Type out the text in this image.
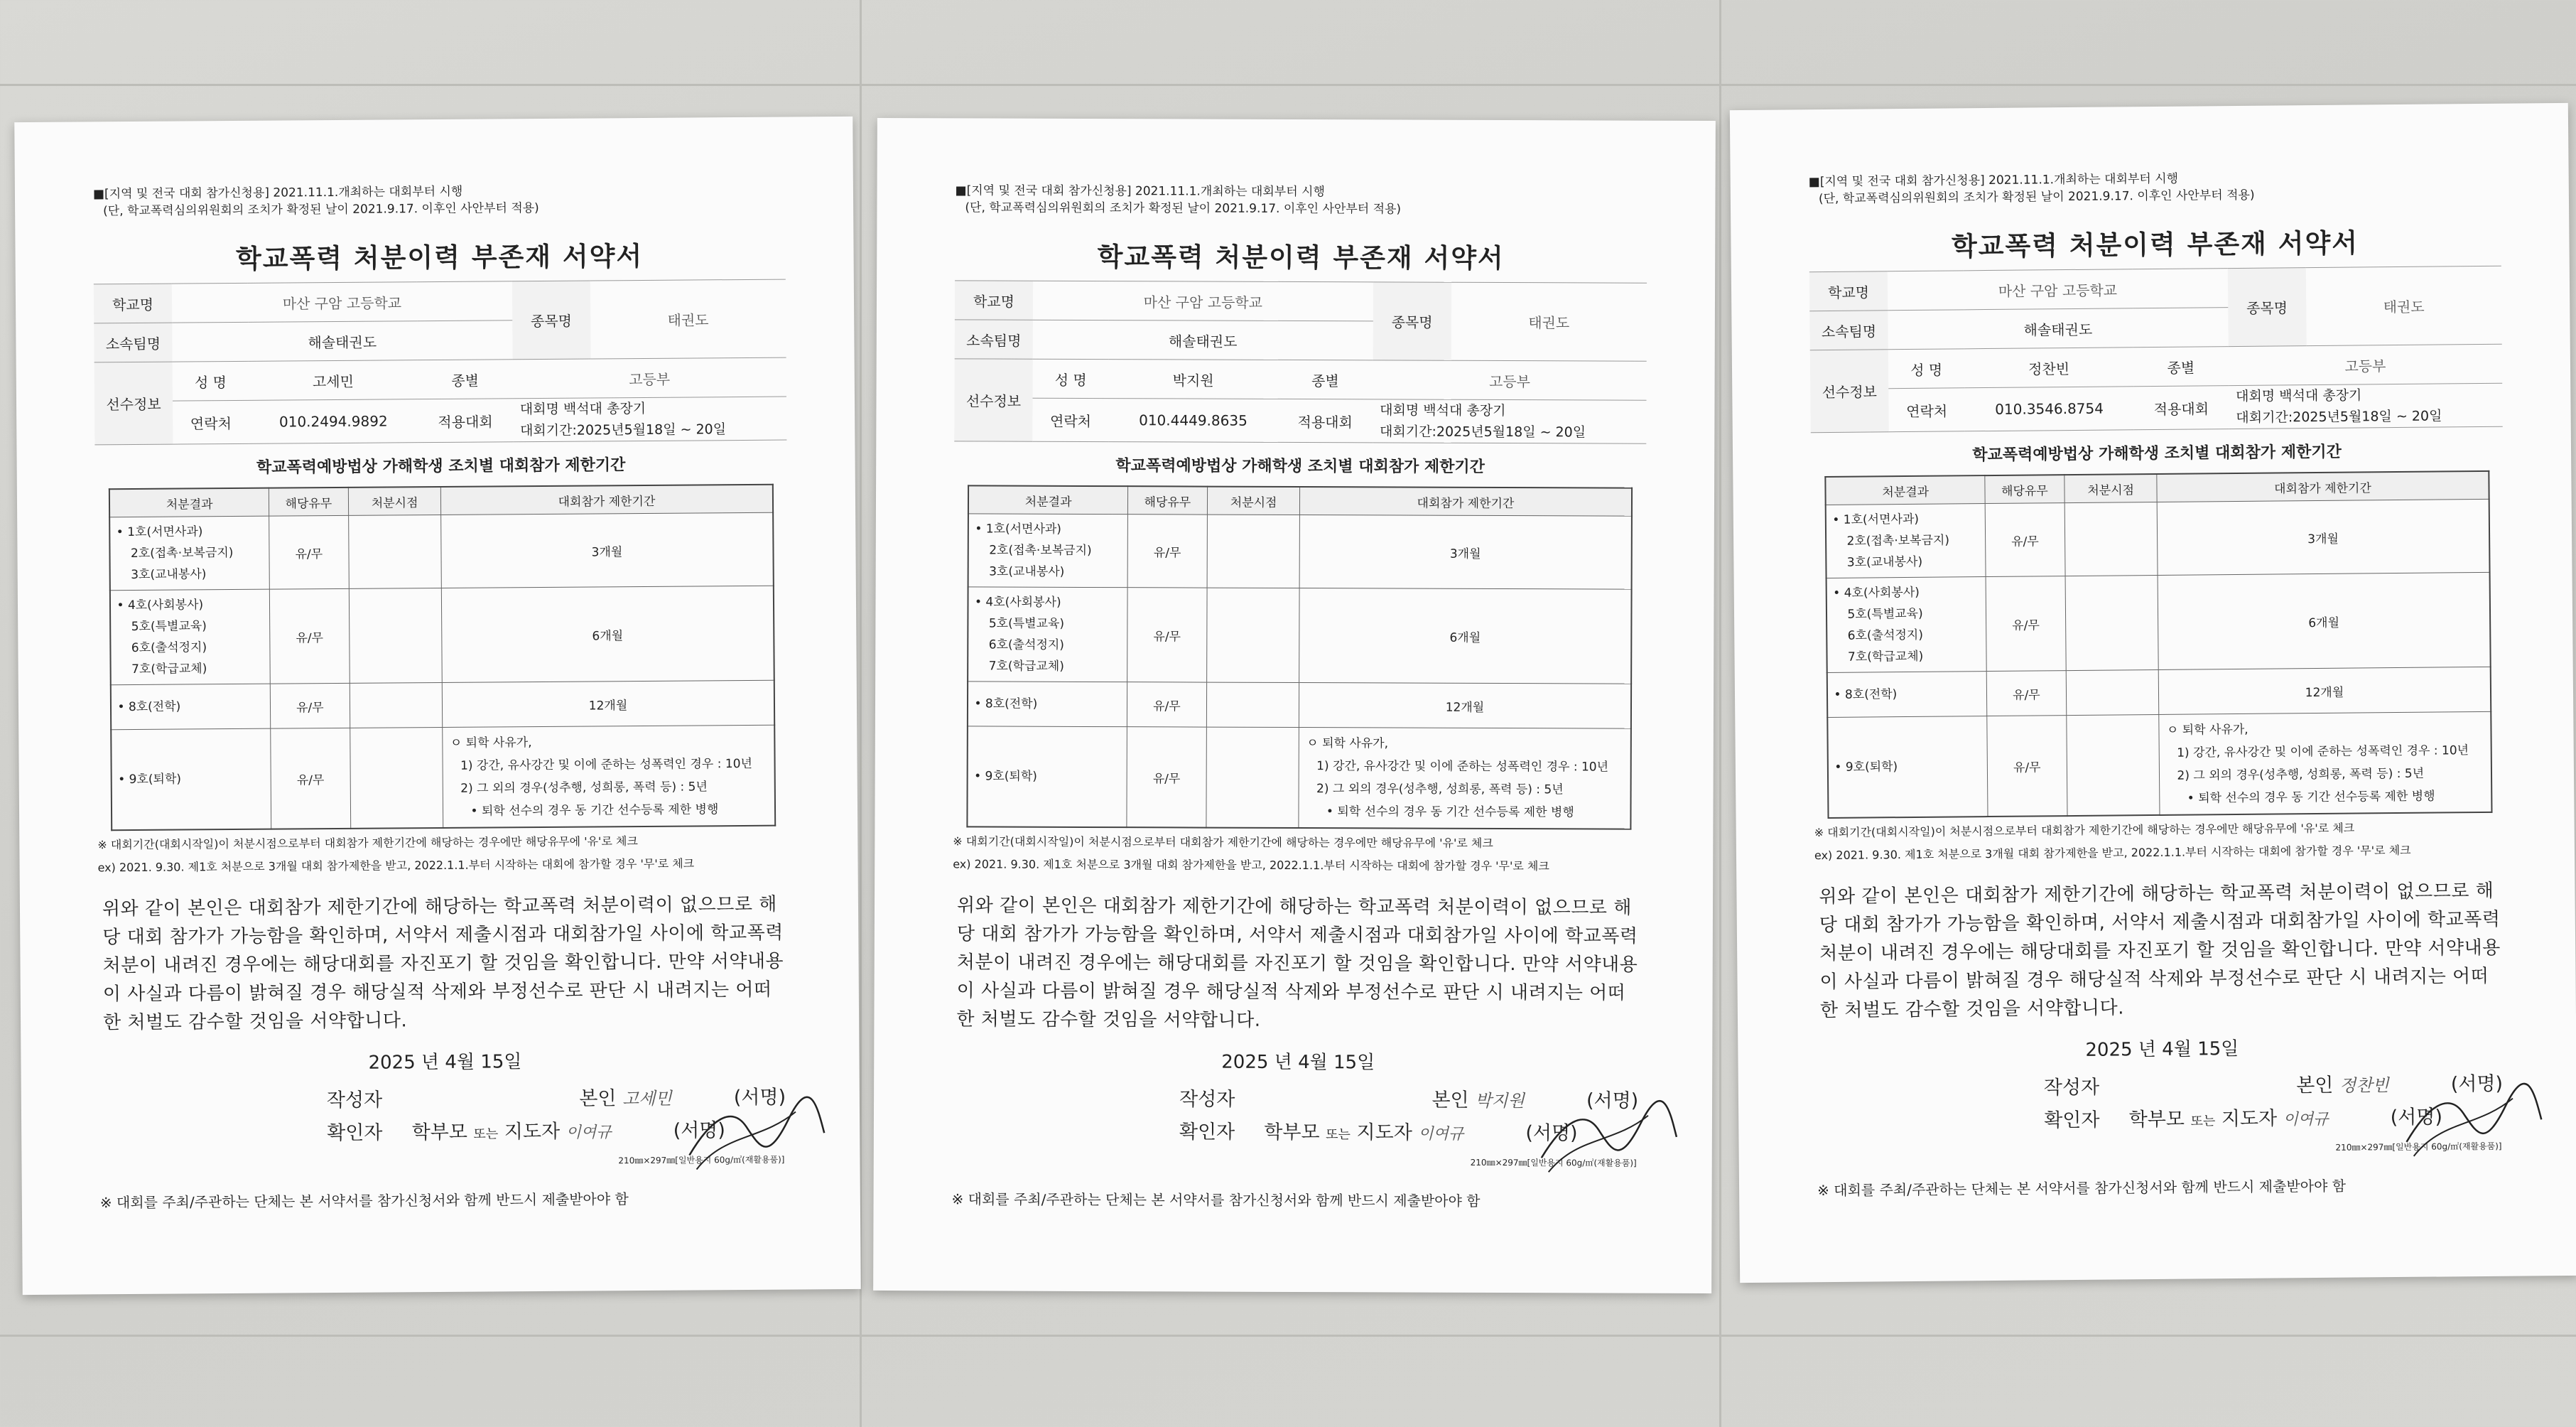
■[지역 및 전국 대회 참가신청용] 2021.11.1.개최하는 대회부터 시행
(단, 학교폭력심의위원회의 조치가 확정된 날이 2021.9.17. 이후인 사안부터 적용)
학교폭력 처분이력 부존재 서약서
학교명	마산 구암 고등학교			종목명	태권도
소속팀명	해솔태권도				
선수정보	성 명	고세민	종별	고등부	
	연락처	010.2494.9892	적용대회	대회명 백석대 총장기
대회기간:2025년5월18일 ~ 20일	
학교폭력예방법상 가해학생 조치별 대회참가 제한기간
처분결과	해당유무	처분시점	대회참가 제한기간

• 1호(서면사과)
2호(접촉·보복금지)
3호(교내봉사)	유/무		3개월

• 4호(사회봉사)
5호(특별교육)
6호(출석정지)
7호(학급교체)	유/무		6개월

• 8호(전학)	유/무		12개월

• 9호(퇴학)	유/무		ㅇ 퇴학 사유가,
1) 강간, 유사강간 및 이에 준하는 성폭력인 경우 : 10년
2) 그 외의 경우(성추행, 성희롱, 폭력 등) : 5년
• 퇴학 선수의 경우 동 기간 선수등록 제한 병행
※ 대회기간(대회시작일)이 처분시점으로부터 대회참가 제한기간에 해당하는 경우에만 해당유무에 '유'로 체크
ex) 2021. 9.30. 제1호 처분으로 3개월 대회 참가제한을 받고, 2022.1.1.부터 시작하는 대회에 참가할 경우 '무'로 체크
위와 같이 본인은 대회참가 제한기간에 해당하는 학교폭력 처분이력이 없으므로 해당 대회 참가가 가능함을 확인하며, 서약서 제출시점과 대회참가일 사이에 학교폭력 처분이 내려진 경우에는 해당대회를 자진포기 할 것임을 확인합니다. 만약 서약내용이 사실과 다름이 밝혀질 경우 해당실적 삭제와 부정선수로 판단 시 내려지는 어떠한 처벌도 감수할 것임을 서약합니다.
2025 년 4월 15일
작성자	본인 고세민	(서명)
확인자 학부모 또는 지도자 이여규	(서명)
210㎜×297㎜[일반용지 60g/㎡(재활용품)]
※ 대회를 주최/주관하는 단체는 본 서약서를 참가신청서와 함께 반드시 제출받아야 함
■[지역 및 전국 대회 참가신청용] 2021.11.1.개최하는 대회부터 시행
(단, 학교폭력심의위원회의 조치가 확정된 날이 2021.9.17. 이후인 사안부터 적용)
학교폭력 처분이력 부존재 서약서
학교명	마산 구암 고등학교			종목명	태권도
소속팀명	해솔태권도				
선수정보	성 명	박지원	종별	고등부	
	연락처	010.4449.8635	적용대회	대회명 백석대 총장기
대회기간:2025년5월18일 ~ 20일	
학교폭력예방법상 가해학생 조치별 대회참가 제한기간
처분결과	해당유무	처분시점	대회참가 제한기간

• 1호(서면사과)
2호(접촉·보복금지)
3호(교내봉사)	유/무		3개월

• 4호(사회봉사)
5호(특별교육)
6호(출석정지)
7호(학급교체)	유/무		6개월

• 8호(전학)	유/무		12개월

• 9호(퇴학)	유/무		ㅇ 퇴학 사유가,
1) 강간, 유사강간 및 이에 준하는 성폭력인 경우 : 10년
2) 그 외의 경우(성추행, 성희롱, 폭력 등) : 5년
• 퇴학 선수의 경우 동 기간 선수등록 제한 병행
※ 대회기간(대회시작일)이 처분시점으로부터 대회참가 제한기간에 해당하는 경우에만 해당유무에 '유'로 체크
ex) 2021. 9.30. 제1호 처분으로 3개월 대회 참가제한을 받고, 2022.1.1.부터 시작하는 대회에 참가할 경우 '무'로 체크
위와 같이 본인은 대회참가 제한기간에 해당하는 학교폭력 처분이력이 없으므로 해당 대회 참가가 가능함을 확인하며, 서약서 제출시점과 대회참가일 사이에 학교폭력 처분이 내려진 경우에는 해당대회를 자진포기 할 것임을 확인합니다. 만약 서약내용이 사실과 다름이 밝혀질 경우 해당실적 삭제와 부정선수로 판단 시 내려지는 어떠한 처벌도 감수할 것임을 서약합니다.
2025 년 4월 15일
작성자	본인 박지원	(서명)
확인자 학부모 또는 지도자 이여규	(서명)
210㎜×297㎜[일반용지 60g/㎡(재활용품)]
※ 대회를 주최/주관하는 단체는 본 서약서를 참가신청서와 함께 반드시 제출받아야 함
■[지역 및 전국 대회 참가신청용] 2021.11.1.개최하는 대회부터 시행
(단, 학교폭력심의위원회의 조치가 확정된 날이 2021.9.17. 이후인 사안부터 적용)
학교폭력 처분이력 부존재 서약서
학교명	마산 구암 고등학교			종목명	태권도
소속팀명	해솔태권도				
선수정보	성 명	정찬빈	종별	고등부	
	연락처	010.3546.8754	적용대회	대회명 백석대 총장기
대회기간:2025년5월18일 ~ 20일	
학교폭력예방법상 가해학생 조치별 대회참가 제한기간
처분결과	해당유무	처분시점	대회참가 제한기간

• 1호(서면사과)
2호(접촉·보복금지)
3호(교내봉사)	유/무		3개월

• 4호(사회봉사)
5호(특별교육)
6호(출석정지)
7호(학급교체)	유/무		6개월

• 8호(전학)	유/무		12개월

• 9호(퇴학)	유/무		ㅇ 퇴학 사유가,
1) 강간, 유사강간 및 이에 준하는 성폭력인 경우 : 10년
2) 그 외의 경우(성추행, 성희롱, 폭력 등) : 5년
• 퇴학 선수의 경우 동 기간 선수등록 제한 병행
※ 대회기간(대회시작일)이 처분시점으로부터 대회참가 제한기간에 해당하는 경우에만 해당유무에 '유'로 체크
ex) 2021. 9.30. 제1호 처분으로 3개월 대회 참가제한을 받고, 2022.1.1.부터 시작하는 대회에 참가할 경우 '무'로 체크
위와 같이 본인은 대회참가 제한기간에 해당하는 학교폭력 처분이력이 없으므로 해당 대회 참가가 가능함을 확인하며, 서약서 제출시점과 대회참가일 사이에 학교폭력 처분이 내려진 경우에는 해당대회를 자진포기 할 것임을 확인합니다. 만약 서약내용이 사실과 다름이 밝혀질 경우 해당실적 삭제와 부정선수로 판단 시 내려지는 어떠한 처벌도 감수할 것임을 서약합니다.
2025 년 4월 15일
작성자	본인 정찬빈	(서명)
확인자 학부모 또는 지도자 이여규	(서명)
210㎜×297㎜[일반용지 60g/㎡(재활용품)]
※ 대회를 주최/주관하는 단체는 본 서약서를 참가신청서와 함께 반드시 제출받아야 함
